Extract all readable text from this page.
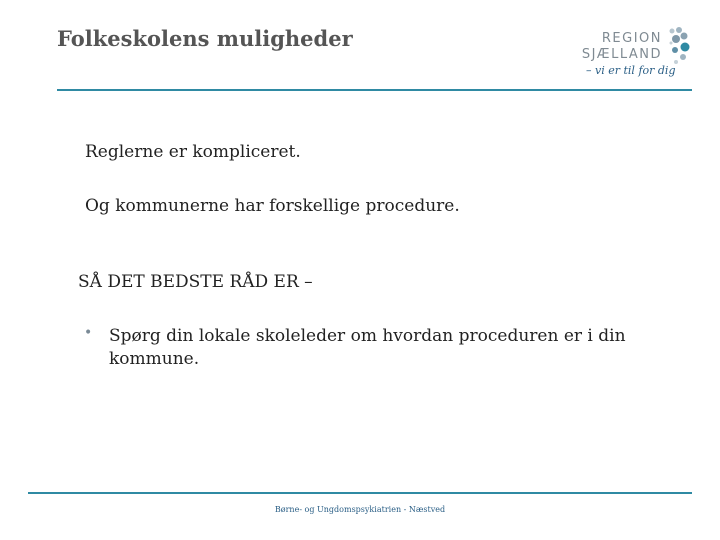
Folkeskolens muligheder	REGION
SJÆLLAND
– vi er til for dig
Reglerne er kompliceret.
Og kommunerne har forskellige procedure.
SÅ DET BEDSTE RÅD ER –
• Spørg din lokale skoleleder om hvordan proceduren er i din kommune.
Børne- og Ungdomspsykiatrien - Næstved
